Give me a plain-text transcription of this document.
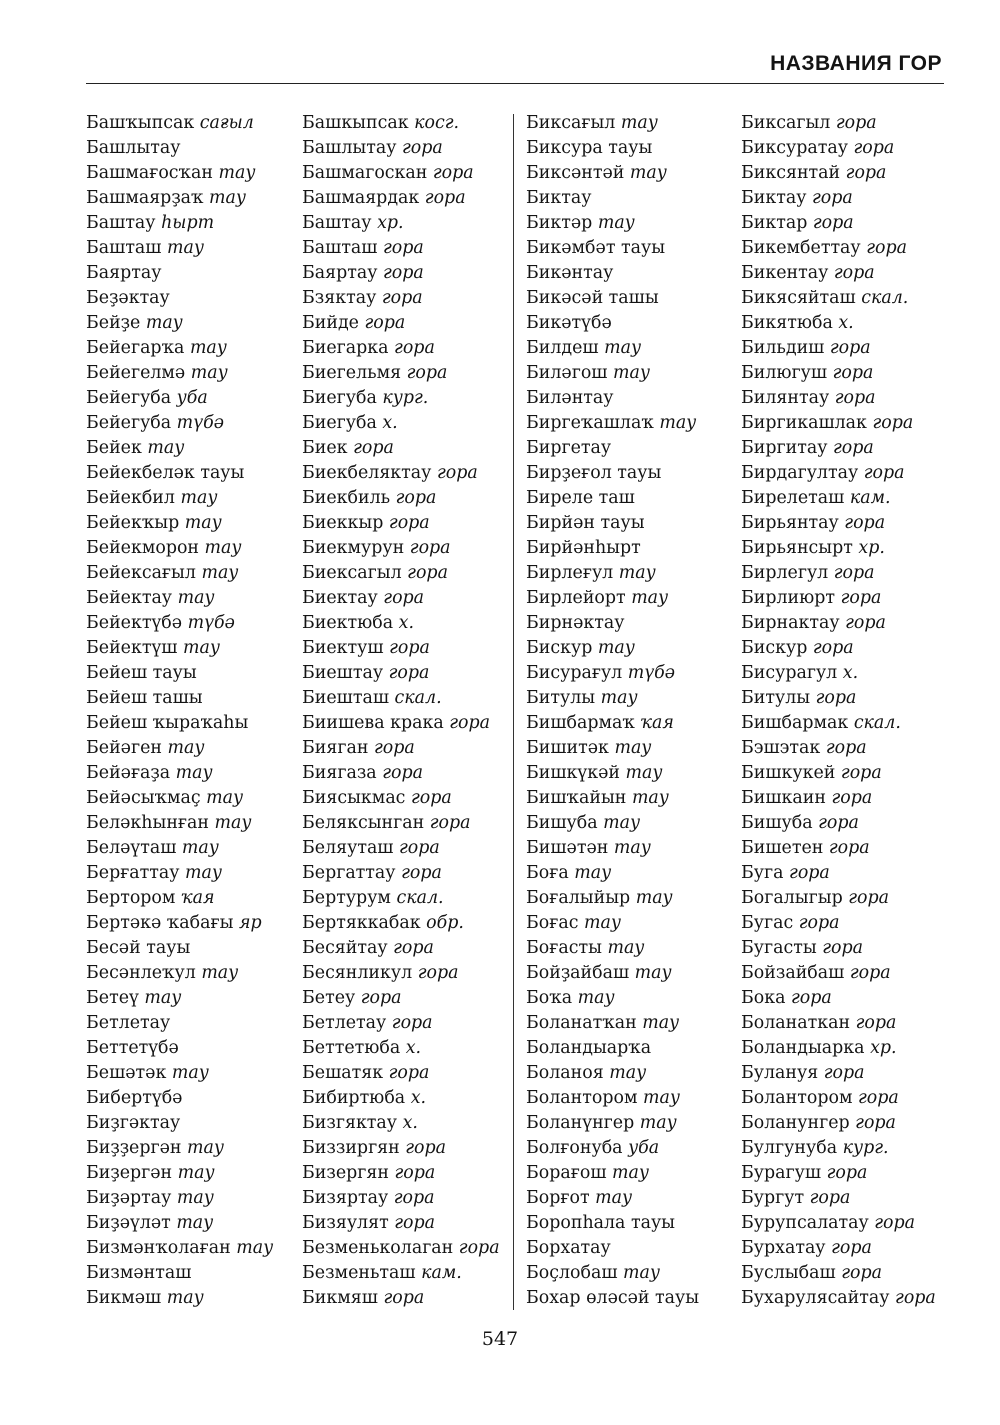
НАЗВАНИЯ ГОР
Башҡыпсак сағыл
Башлытау
Башмағосҡан тау
Башмаярҙаҡ тау
Баштау һырт
Башташ тау
Баяртау
Беҙәктау
Бейҙе тау
Бейегарҡа тау
Бейегелмә тау
Бейегуба уба
Бейегуба түбә
Бейек тау
Бейекбеләк тауы
Бейекбил тау
Бейекҡыр тау
Бейекморон тау
Бейексағыл тау
Бейектау тау
Бейектүбә түбә
Бейектүш тау
Бейеш тауы
Бейеш ташы
Бейеш ҡыраҡаһы
Бейәген тау
Бейәғаҙа тау
Бейәсыҡмаҫ тау
Беләкһынған тау
Беләүташ тау
Берғаттау тау
Бертором ҡая
Бертәкә ҡабағы яр
Бесәй тауы
Бесәнлеҡул тау
Бетеү тау
Бетлетау
Беттетүбә
Бешәтәк тау
Бибертүбә
Биҙгәктау
Биҙҙергән тау
Биҙергән тау
Биҙәртау тау
Биҙәүләт тау
Бизмәнҡолаған тау
Бизмәнташ
Бикмәш тау
Башкыпсак косг.
Башлытау гора
Башмагоскан гора
Башмаярдак гора
Баштау хр.
Башташ гора
Баяртау гора
Бзяктау гора
Бийде гора
Биегарка гора
Биегельмя гора
Биегуба кург.
Биегуба х.
Биек гора
Биекбеляктау гора
Биекбиль гора
Биеккыр гора
Биекмурун гора
Биексагыл гора
Биектау гора
Биектюба х.
Биектуш гора
Биештау гора
Биешташ скал.
Биишева крака гора
Бияган гора
Биягаза гора
Биясыкмас гора
Беляксынган гора
Беляуташ гора
Бергаттау гора
Бертурум скал.
Бертяккабак обр.
Бесяйтау гора
Бесянликул гора
Бетеу гора
Бетлетау гора
Беттетюба х.
Бешатяк гора
Бибиртюба х.
Бизгяктау х.
Биззиргян гора
Бизергян гора
Бизяртау гора
Бизяулят гора
Безменьколаган гора
Безменьташ кам.
Бикмяш гора
Биксағыл тау
Биксура тауы
Биксәнтәй тау
Биктау
Биктәр тау
Бикәмбәт тауы
Бикәнтау
Бикәсәй ташы
Бикәтүбә
Билдеш тау
Биләгош тау
Биләнтау
Биргеҡашлаҡ тау
Биргетау
Бирҙеғол тауы
Биреле таш
Бирйән тауы
Бирйәнһырт
Бирлеғул тау
Бирлейорт тау
Бирнәктау
Бискур тау
Бисурағул түбә
Битулы тау
Бишбармаҡ ҡая
Бишитәк тау
Бишкүкәй тау
Бишҡайын тау
Бишуба тау
Бишәтән тау
Боға тау
Боғалыйыр тау
Боғас тау
Боғасты тау
Бойҙайбаш тау
Боҡа тау
Боланатҡан тау
Боландыарҡа
Боланоя тау
Болантором тау
Боланүнгер тау
Болғонуба уба
Борағош тау
Борғот тау
Боропһала тауы
Борхатау
Боҫлобаш тау
Бохар өләсәй тауы
Биксагыл гора
Биксуратау гора
Биксянтай гора
Биктау гора
Биктар гора
Бикембеттау гора
Бикентау гора
Бикясяйташ скал.
Бикятюба х.
Бильдиш гора
Билюгуш гора
Билянтау гора
Биргикашлак гора
Биргитау гора
Бирдагултау гора
Бирелеташ кам.
Бирьянтау гора
Бирьянсырт хр.
Бирлегул гора
Бирлиюрт гора
Бирнактау гора
Бискур гора
Бисурагул х.
Битулы гора
Бишбармак скал.
Бэшэтак гора
Бишкукей гора
Бишкаин гора
Бишуба гора
Бишетен гора
Буга гора
Богалыгыр гора
Бугас гора
Бугасты гора
Бойзайбаш гора
Бока гора
Боланаткан гора
Боландыарка хр.
Булануя гора
Болантором гора
Боланунгер гора
Булгунуба кург.
Бурагуш гора
Бургут гора
Бурупсалатау гора
Бурхатау гора
Буслыбаш гора
Бухарулясайтау гора
547
